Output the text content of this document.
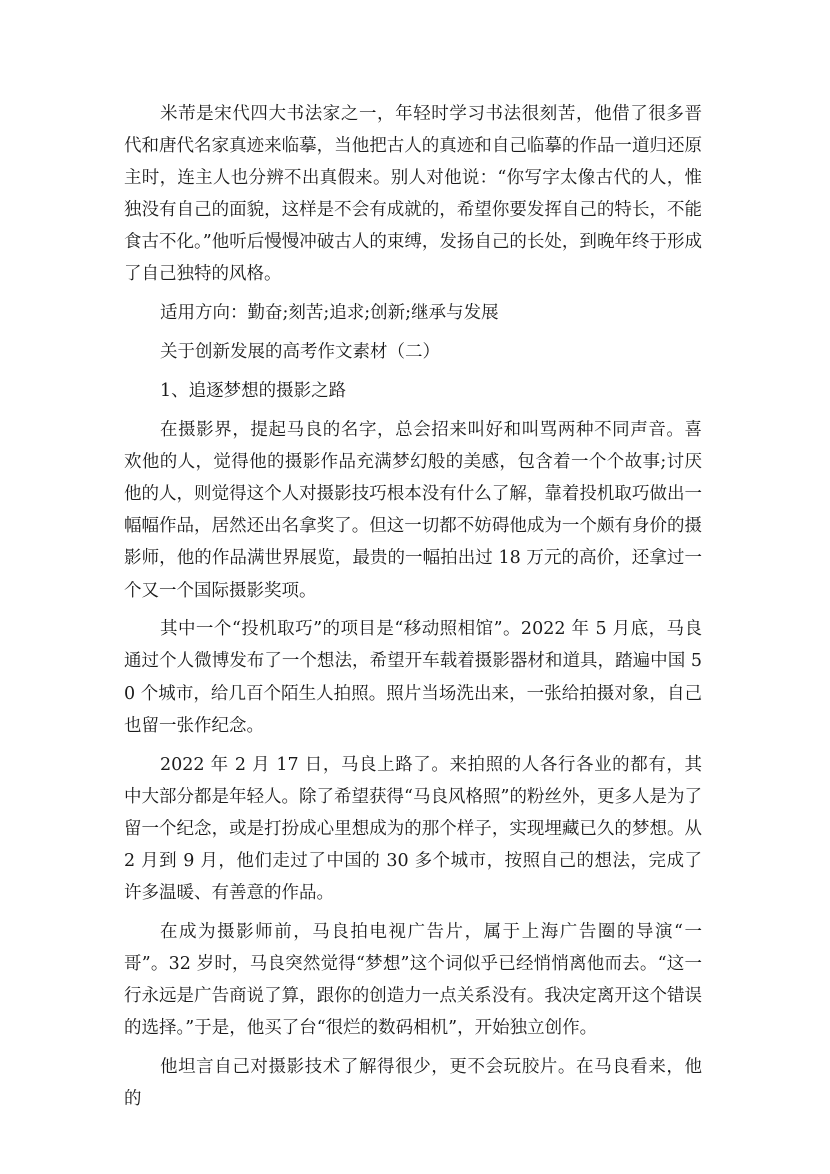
米芾是宋代四大书法家之一，年轻时学习书法很刻苦，他借了很多晋代和唐代名家真迹来临摹，当他把古人的真迹和自己临摹的作品一道归还原主时，连主人也分辨不出真假来。别人对他说：“你写字太像古代的人，惟独没有自己的面貌，这样是不会有成就的，希望你要发挥自己的特长，不能食古不化。”他听后慢慢冲破古人的束缚，发扬自己的长处，到晚年终于形成了自己独特的风格。

适用方向：勤奋;刻苦;追求;创新;继承与发展

关于创新发展的高考作文素材（二）

1、追逐梦想的摄影之路

在摄影界，提起马良的名字，总会招来叫好和叫骂两种不同声音。喜欢他的人，觉得他的摄影作品充满梦幻般的美感，包含着一个个故事;讨厌他的人，则觉得这个人对摄影技巧根本没有什么了解，靠着投机取巧做出一幅幅作品，居然还出名拿奖了。但这一切都不妨碍他成为一个颇有身价的摄影师，他的作品满世界展览，最贵的一幅拍出过 18 万元的高价，还拿过一个又一个国际摄影奖项。

其中一个“投机取巧”的项目是“移动照相馆”。2022 年 5 月底，马良通过个人微博发布了一个想法，希望开车载着摄影器材和道具，踏遍中国 50 个城市，给几百个陌生人拍照。照片当场洗出来，一张给拍摄对象，自己也留一张作纪念。

2022 年 2 月 17 日，马良上路了。来拍照的人各行各业的都有，其中大部分都是年轻人。除了希望获得“马良风格照”的粉丝外，更多人是为了留一个纪念，或是打扮成心里想成为的那个样子，实现埋藏已久的梦想。从 2 月到 9 月，他们走过了中国的 30 多个城市，按照自己的想法，完成了许多温暖、有善意的作品。

在成为摄影师前，马良拍电视广告片，属于上海广告圈的导演“一哥”。32 岁时，马良突然觉得“梦想”这个词似乎已经悄悄离他而去。“这一行永远是广告商说了算，跟你的创造力一点关系没有。我决定离开这个错误的选择。”于是，他买了台“很烂的数码相机”，开始独立创作。

他坦言自己对摄影技术了解得很少，更不会玩胶片。在马良看来，他的
